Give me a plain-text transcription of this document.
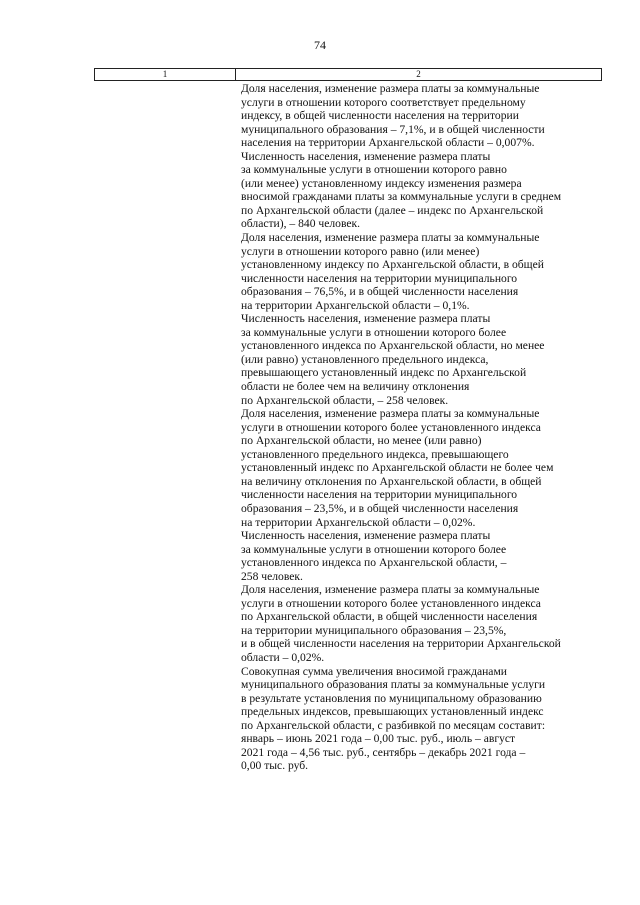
74
1	2
Доля населения, изменение размера платы за коммунальные
услуги в отношении которого соответствует предельному
индексу, в общей численности населения на территории
муниципального образования – 7,1%, и в общей численности
населения на территории Архангельской области – 0,007%.
Численность населения, изменение размера платы
за коммунальные услуги в отношении которого равно
(или менее) установленному индексу изменения размера
вносимой гражданами платы за коммунальные услуги в среднем
по Архангельской области (далее – индекс по Архангельской
области), – 840 человек.
Доля населения, изменение размера платы за коммунальные
услуги в отношении которого равно (или менее)
установленному индексу по Архангельской области, в общей
численности населения на территории муниципального
образования – 76,5%, и в общей численности населения
на территории Архангельской области – 0,1%.
Численность населения, изменение размера платы
за коммунальные услуги в отношении которого более
установленного индекса по Архангельской области, но менее
(или равно) установленного предельного индекса,
превышающего установленный индекс по Архангельской
области не более чем на величину отклонения
по Архангельской области, – 258 человек.
Доля населения, изменение размера платы за коммунальные
услуги в отношении которого более установленного индекса
по Архангельской области, но менее (или равно)
установленного предельного индекса, превышающего
установленный индекс по Архангельской области не более чем
на величину отклонения по Архангельской области, в общей
численности населения на территории муниципального
образования – 23,5%, и в общей численности населения
на территории Архангельской области – 0,02%.
Численность населения, изменение размера платы
за коммунальные услуги в отношении которого более
установленного индекса по Архангельской области, –
258 человек.
Доля населения, изменение размера платы за коммунальные
услуги в отношении которого более установленного индекса
по Архангельской области, в общей численности населения
на территории муниципального образования – 23,5%,
и в общей численности населения на территории Архангельской
области – 0,02%.
Совокупная сумма увеличения вносимой гражданами
муниципального образования платы за коммунальные услуги
в результате установления по муниципальному образованию
предельных индексов, превышающих установленный индекс
по Архангельской области, с разбивкой по месяцам составит:
январь – июнь 2021 года – 0,00 тыс. руб., июль – август
2021 года – 4,56 тыс. руб., сентябрь – декабрь 2021 года –
0,00 тыс. руб.
